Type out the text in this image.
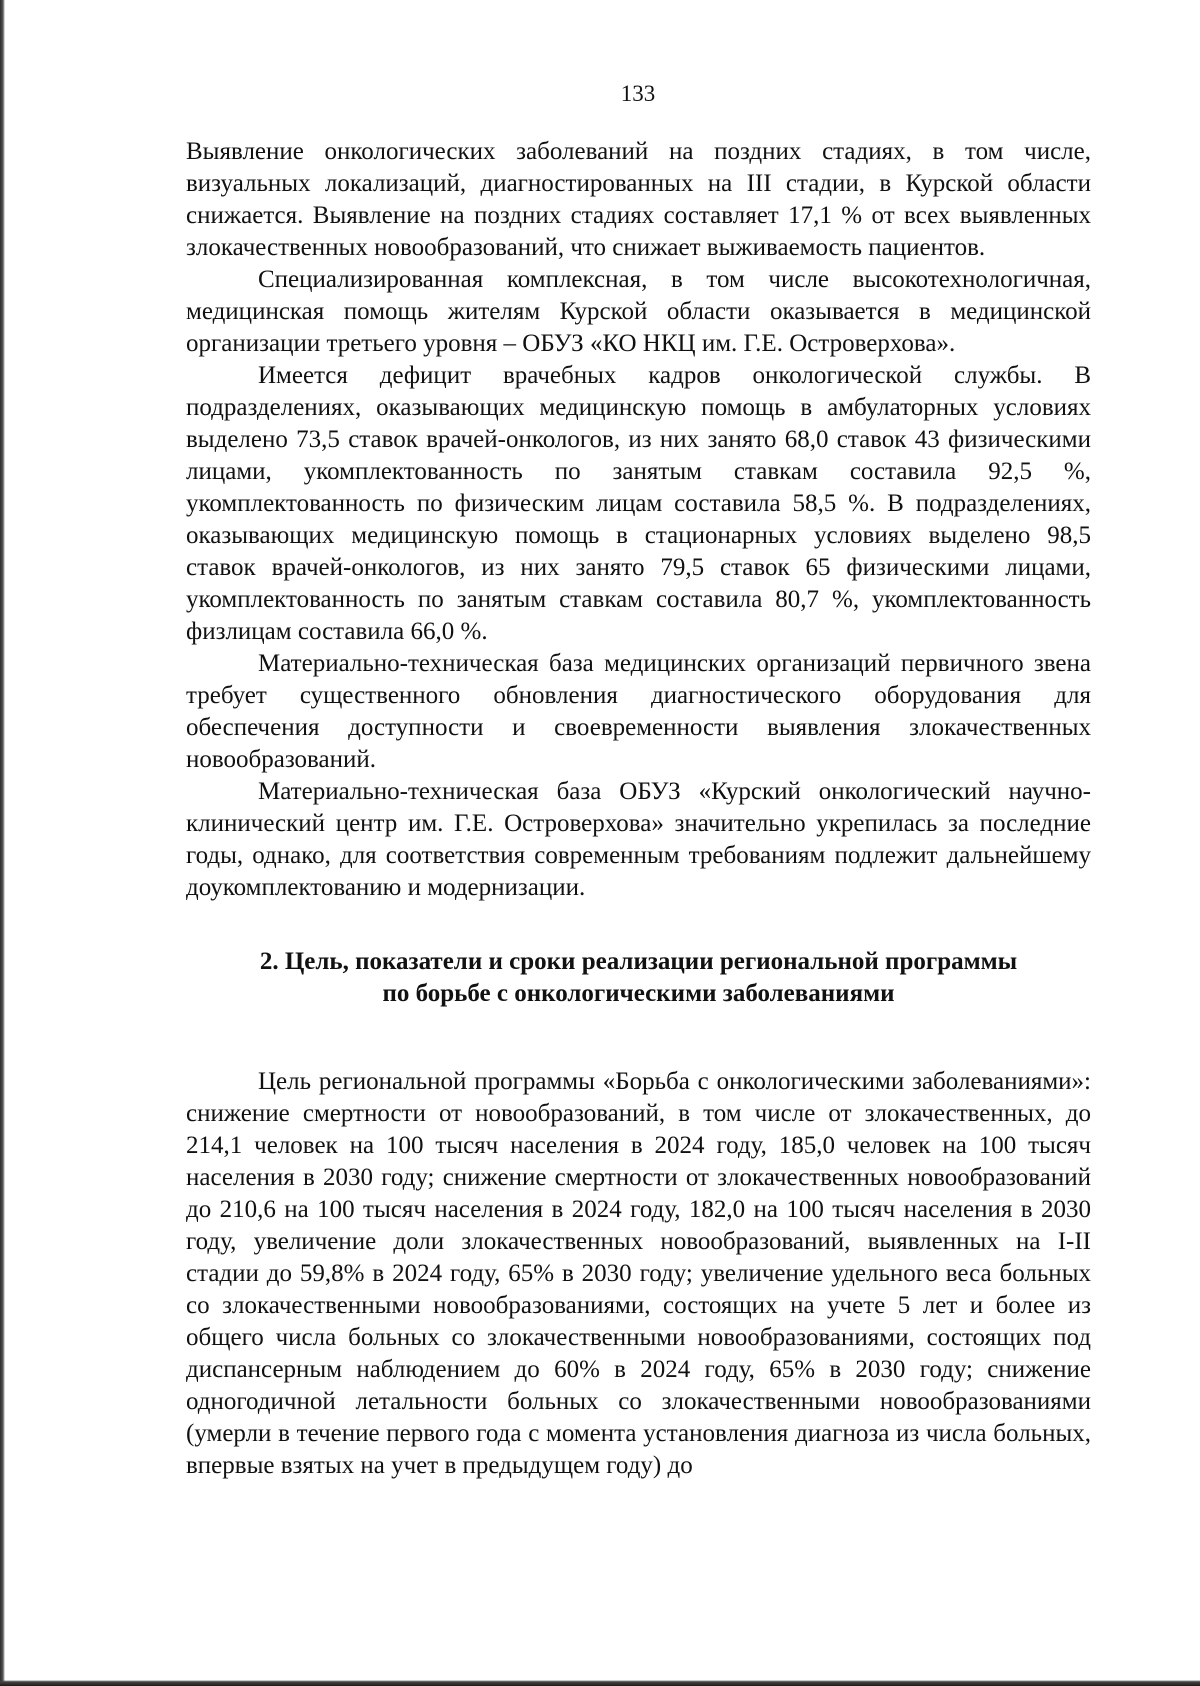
133

Выявление онкологических заболеваний на поздних стадиях, в том числе, визуальных локализаций, диагностированных на III стадии, в Курской области снижается. Выявление на поздних стадиях составляет 17,1 % от всех выявленных злокачественных новообразований, что снижает выживаемость пациентов.

Специализированная комплексная, в том числе высокотехнологичная, медицинская помощь жителям Курской области оказывается в медицинской организации третьего уровня – ОБУЗ «КО НКЦ им. Г.Е. Островерхова».

Имеется дефицит врачебных кадров онкологической службы. В подразделениях, оказывающих медицинскую помощь в амбулаторных условиях выделено 73,5 ставок врачей-онкологов, из них занято 68,0 ставок 43 физическими лицами, укомплектованность по занятым ставкам составила 92,5 %, укомплектованность по физическим лицам составила 58,5 %. В подразделениях, оказывающих медицинскую помощь в стационарных условиях выделено 98,5 ставок врачей-онкологов, из них занято 79,5 ставок 65 физическими лицами, укомплектованность по занятым ставкам составила 80,7 %, укомплектованность физлицам составила 66,0 %.

Материально-техническая база медицинских организаций первичного звена требует существенного обновления диагностического оборудования для обеспечения доступности и своевременности выявления злокачественных новообразований.

Материально-техническая база ОБУЗ «Курский онкологический научно-клинический центр им. Г.Е. Островерхова» значительно укрепилась за последние годы, однако, для соответствия современным требованиям подлежит дальнейшему доукомплектованию и модернизации.

2. Цель, показатели и сроки реализации региональной программы
по борьбе с онкологическими заболеваниями

Цель региональной программы «Борьба с онкологическими заболеваниями»: снижение смертности от новообразований, в том числе от злокачественных, до 214,1 человек на 100 тысяч населения в 2024 году, 185,0 человек на 100 тысяч населения в 2030 году; снижение смертности от злокачественных новообразований до 210,6 на 100 тысяч населения в 2024 году, 182,0 на 100 тысяч населения в 2030 году, увеличение доли злокачественных новообразований, выявленных на I-II стадии до 59,8% в 2024 году, 65% в 2030 году; увеличение удельного веса больных со злокачественными новообразованиями, состоящих на учете 5 лет и более из общего числа больных со злокачественными новообразованиями, состоящих под диспансерным наблюдением до 60% в 2024 году, 65% в 2030 году; снижение одногодичной летальности больных со злокачественными новообразованиями (умерли в течение первого года с момента установления диагноза из числа больных, впервые взятых на учет в предыдущем году) до
